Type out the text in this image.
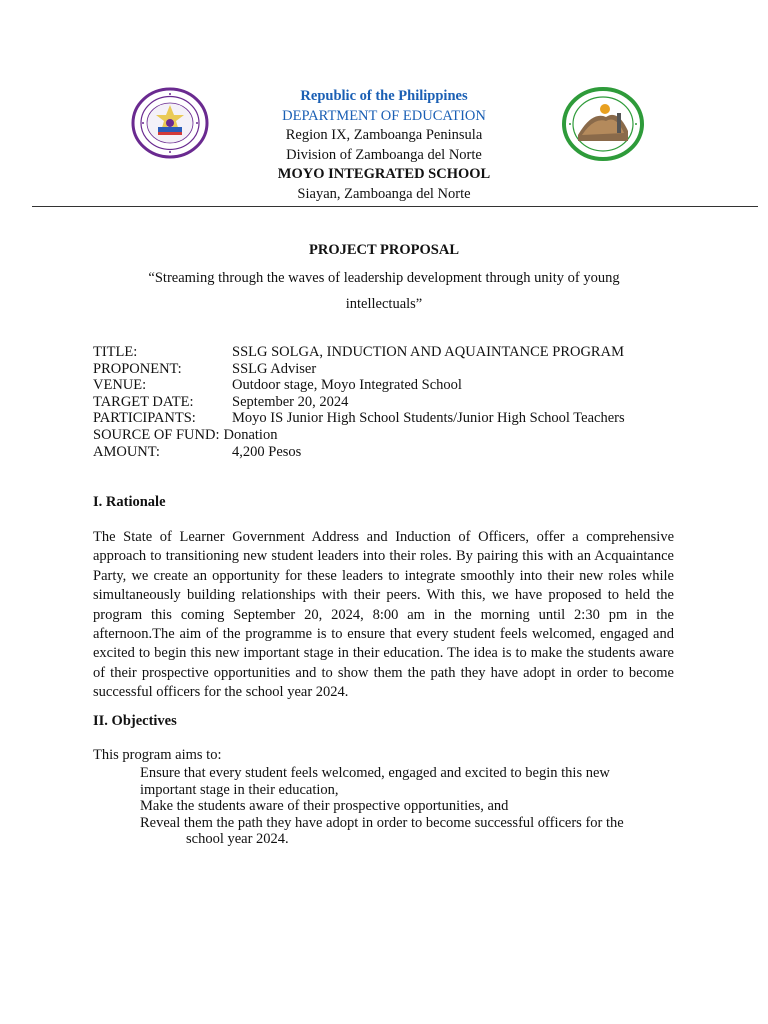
Republic of the Philippines
DEPARTMENT OF EDUCATION
Region IX, Zamboanga Peninsula
Division of Zamboanga del Norte
MOYO INTEGRATED SCHOOL
Siayan, Zamboanga del Norte
PROJECT PROPOSAL
“Streaming through the waves of leadership development through unity of young intellectuals”
TITLE:	SSLG SOLGA, INDUCTION AND AQUAINTANCE PROGRAM
PROPONENT:	SSLG Adviser
VENUE:	Outdoor stage, Moyo Integrated School
TARGET DATE:	September 20, 2024
PARTICIPANTS:	Moyo IS Junior High School Students/Junior High School Teachers
SOURCE OF FUND: Donation
AMOUNT:	4,200 Pesos
I. Rationale
The State of Learner Government Address and Induction of Officers, offer a comprehensive approach to transitioning new student leaders into their roles. By pairing this with an Acquaintance Party, we create an opportunity for these leaders to integrate smoothly into their new roles while simultaneously building relationships with their peers. With this, we have proposed to held the program this coming September 20, 2024, 8:00 am in the morning until 2:30 pm in the afternoon.The aim of the programme is to ensure that every student feels welcomed, engaged and excited to begin this new important stage in their education. The idea is to make the students aware of their prospective opportunities and to show them the path they have adopt in order to become successful officers for the school year 2024.
II. Objectives
This program aims to:
Ensure that every student feels welcomed, engaged and excited to begin this new
important stage in their education,
Make the students aware of their prospective opportunities, and
Reveal them the path they have adopt in order to become successful officers for the
school year 2024.
